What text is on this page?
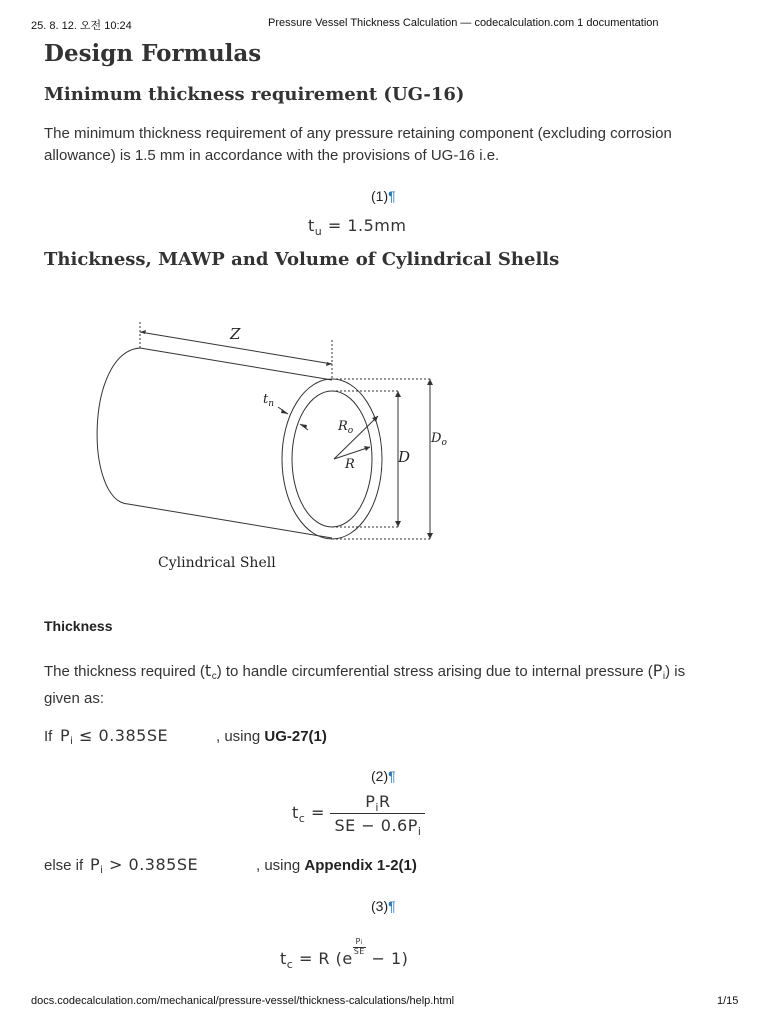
25. 8. 12. 오전 10:24	Pressure Vessel Thickness Calculation — codecalculation.com 1 documentation
Design Formulas
Minimum thickness requirement (UG-16)
The minimum thickness requirement of any pressure retaining component (excluding corrosion
allowance) is 1.5 mm in accordance with the provisions of UG-16 i.e.
(1)¶
$t_u = 1.5mm$
Thickness, MAWP and Volume of Cylindrical Shells
Z
$t_n$
$R_o$
R	D
$D_o$
Cylindrical Shell
Thickness
The thickness required $(t_c)$ to handle circumferential stress arising due to internal pressure $(P_i)$ is
given as:
If $P_i \le 0.385SE$	, using UG-27(1)
(2)¶
$t_c = \frac{P_iR}{SE - 0.6P_i}$
else if $P_i > 0.385SE$	, using Appendix 1-2(1)
(3)¶
$t_c = R$ (e
$\frac{Pi}{SE}$
− 1)
docs.codecalculation.com/mechanical/pressure-vessel/thickness-calculations/help.html	1/15
